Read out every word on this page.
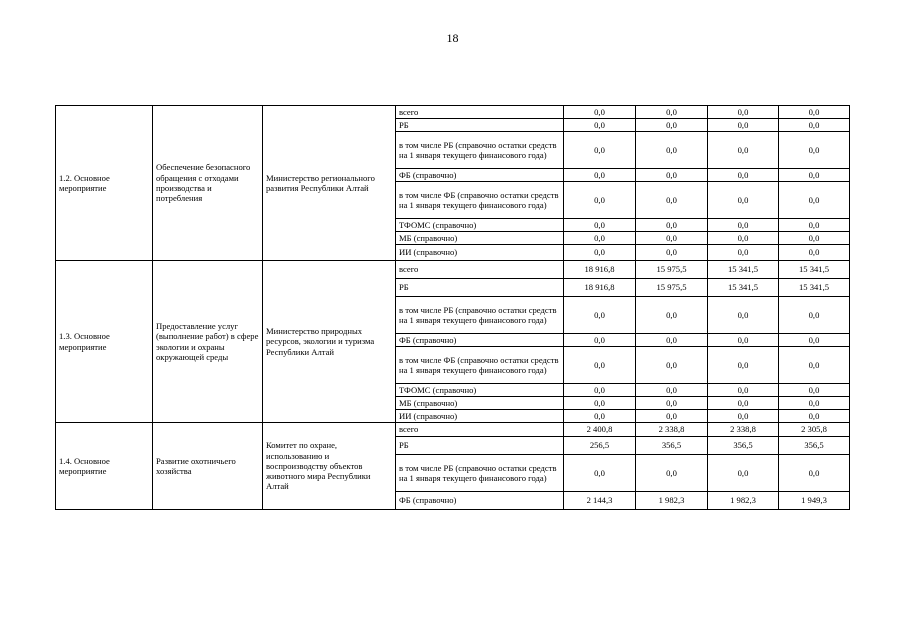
18
1.2. Основное мероприятие	Обеспечение безопасного обращения с отходами производства и потребления	Министерство регионального развития Республики Алтай	всего	0,0	0,0	0,0	0,0
			РБ	0,0	0,0	0,0	0,0
			в том числе РБ (справочно остатки средств на 1 января текущего финансового года)	0,0	0,0	0,0	0,0
			ФБ (справочно)	0,0	0,0	0,0	0,0
			в том числе ФБ (справочно остатки средств на 1 января текущего финансового года)	0,0	0,0	0,0	0,0
			ТФОМС (справочно)	0,0	0,0	0,0	0,0
			МБ (справочно)	0,0	0,0	0,0	0,0
			ИИ (справочно)	0,0	0,0	0,0	0,0
1.3. Основное мероприятие	Предоставление услуг (выполнение работ) в сфере экологии и охраны окружающей среды	Министерство природных ресурсов, экологии и туризма Республики Алтай	всего	18 916,8	15 975,5	15 341,5	15 341,5
			РБ	18 916,8	15 975,5	15 341,5	15 341,5
			в том числе РБ (справочно остатки средств на 1 января текущего финансового года)	0,0	0,0	0,0	0,0
			ФБ (справочно)	0,0	0,0	0,0	0,0
			в том числе ФБ (справочно остатки средств на 1 января текущего финансового года)	0,0	0,0	0,0	0,0
			ТФОМС (справочно)	0,0	0,0	0,0	0,0
			МБ (справочно)	0,0	0,0	0,0	0,0
			ИИ (справочно)	0,0	0,0	0,0	0,0
1.4. Основное мероприятие	Развитие охотничьего хозяйства	Комитет по охране, использованию и воспроизводству объектов животного мира Республики Алтай	всего	2 400,8	2 338,8	2 338,8	2 305,8
			РБ	256,5	356,5	356,5	356,5
			в том числе РБ (справочно остатки средств на 1 января текущего финансового года)	0,0	0,0	0,0	0,0
			ФБ (справочно)	2 144,3	1 982,3	1 982,3	1 949,3
